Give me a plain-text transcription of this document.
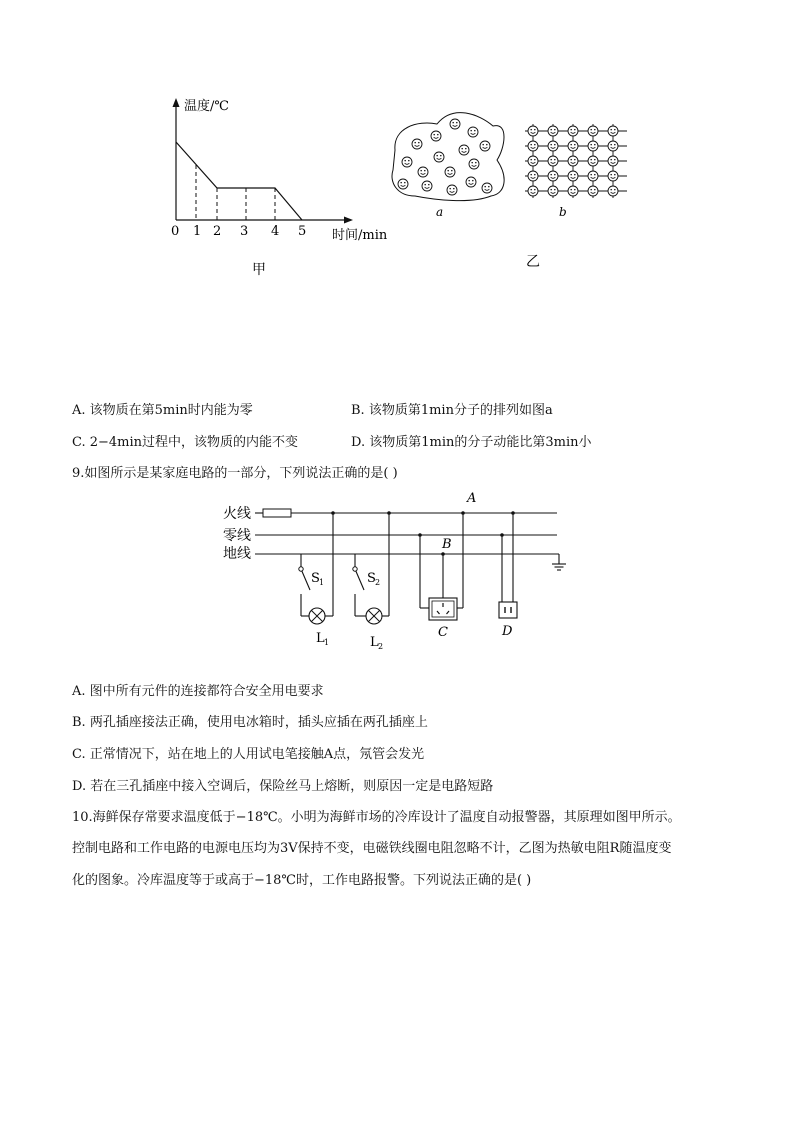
温度/℃
时间/min
0 1 2 3 4 5
甲
a	b
乙
A. 该物质在第5min时内能为零	B. 该物质第1min分子的排列如图a
C. 2−4min过程中，该物质的内能不变	D. 该物质第1min的分子动能比第3min小
9.如图所示是某家庭电路的一部分，下列说法正确的是( )
火线
零线
地线
S 1	S 2
L 1	L 2
A
B
C	D
A. 图中所有元件的连接都符合安全用电要求
B. 两孔插座接法正确，使用电冰箱时，插头应插在两孔插座上
C. 正常情况下，站在地上的人用试电笔接触A点，氖管会发光
D. 若在三孔插座中接入空调后，保险丝马上熔断，则原因一定是电路短路
10.海鲜保存常要求温度低于−18℃。小明为海鲜市场的冷库设计了温度自动报警器，其原理如图甲所示。
控制电路和工作电路的电源电压均为3V保持不变，电磁铁线圈电阻忽略不计，乙图为热敏电阻R随温度变
化的图象。冷库温度等于或高于−18℃时，工作电路报警。下列说法正确的是( )
